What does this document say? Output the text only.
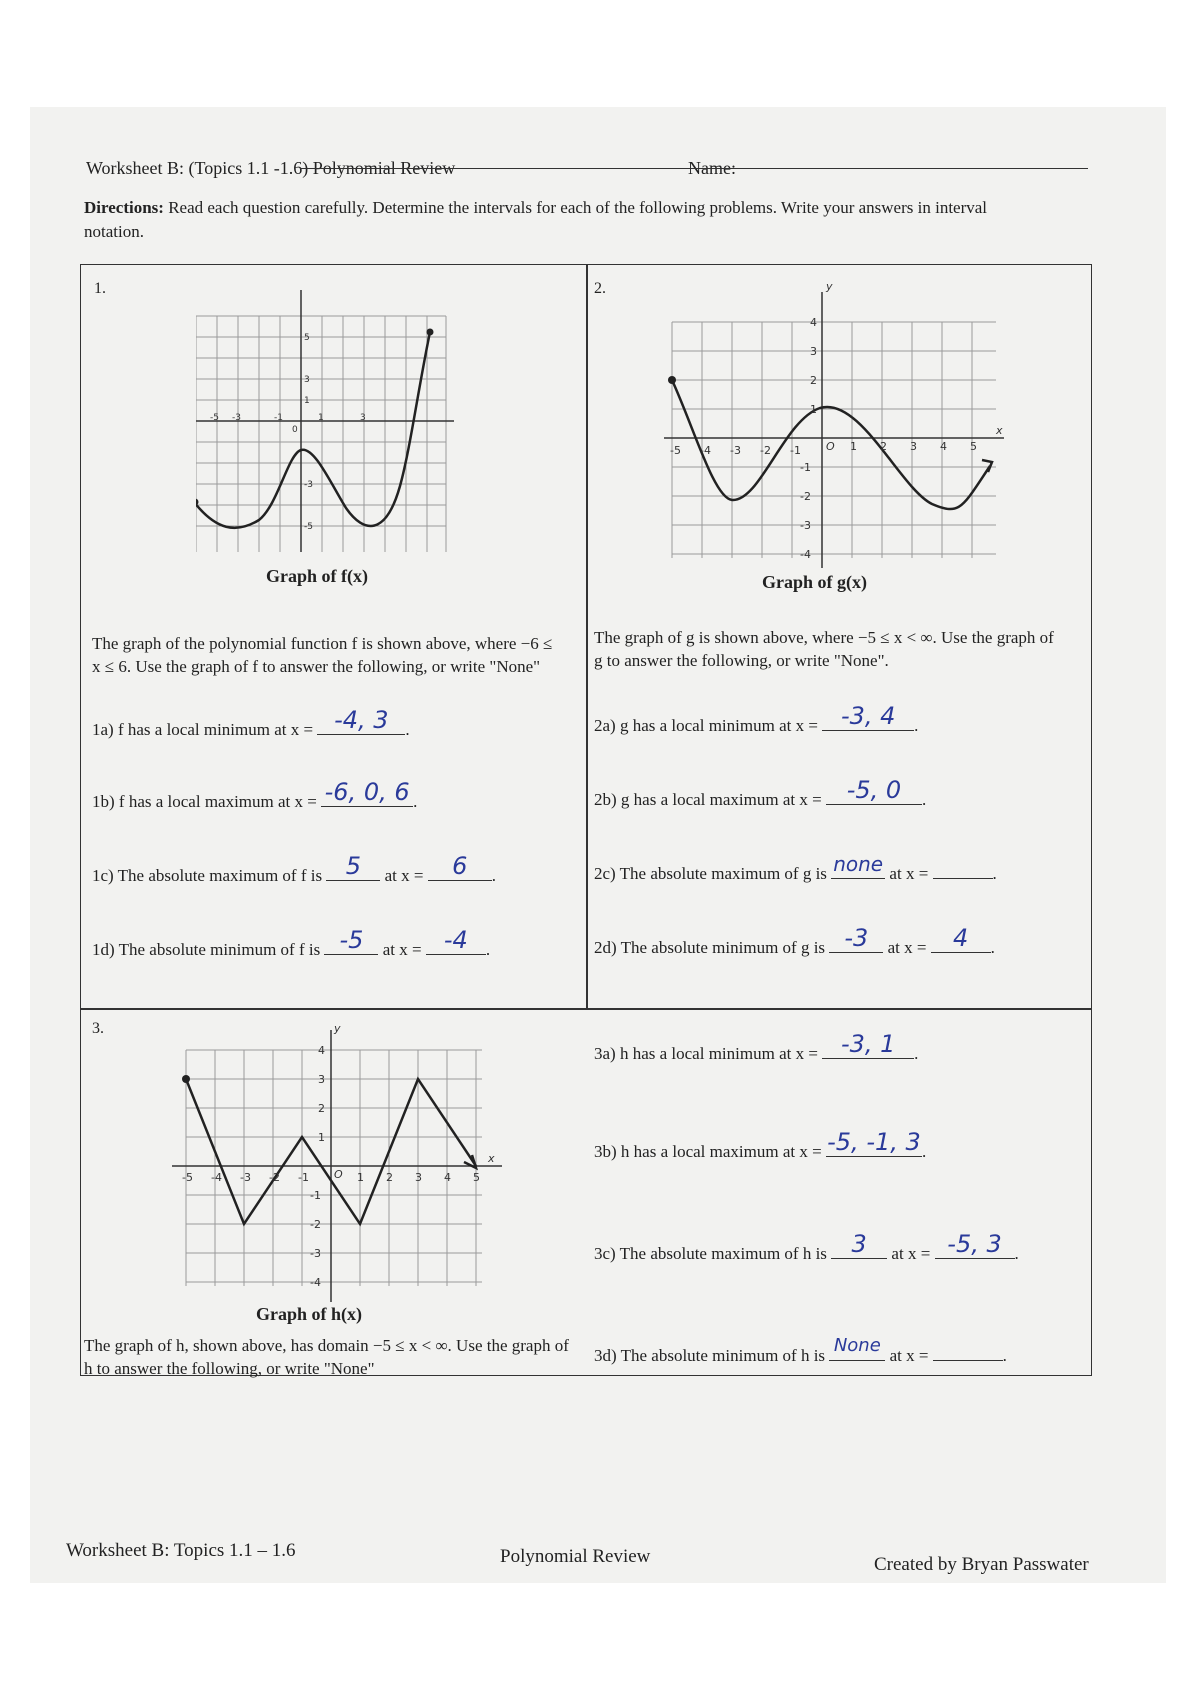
Worksheet B: (Topics 1.1 -1.6) Polynomial Review	Name:
Directions: Read each question carefully. Determine the intervals for each of the following problems. Write your answers in interval notation.
1.	2.
3.
-5 -3	-1
0
1	3
5
3
1
-3
-5
Graph of f(x)
-5 -4 -3 -2 -1 O 1 2 3 4 5
4
3
2
1
-1
-2
-3
-4
x
y
Graph of g(x)
-5 -4 -3 -2 -1 O 1 2 3 4 5
4
3
2
1
-1
-2
-3
-4
x
y
Graph of h(x)
The graph of the polynomial function f is shown above, where −6 ≤ x ≤ 6. Use the graph of f to answer the following, or write "None"
1a) f has a local minimum at x = -4, 3 .
1b) f has a local maximum at x = -6, 0, 6 .
1c) The absolute maximum of f is 5	at x =	6	.
1d) The absolute minimum of f is -5	at x = -4	.
The graph of g is shown above, where −5 ≤ x < ∞. Use the graph of g to answer the following, or write "None".
2a) g has a local minimum at x = -3, 4	.
2b) g has a local maximum at x =	-5, 0	.
2c) The absolute maximum of g is none at x =	.
2d) The absolute minimum of g is -3	at x =	4	.
The graph of h, shown above, has domain −5 ≤ x < ∞. Use the graph of h to answer the following, or write "None"
3a) h has a local minimum at x = -3, 1	.
3b) h has a local maximum at x = -5, -1, 3 .
3c) The absolute maximum of h is	3	at x = -5, 3 .
3d) The absolute minimum of h is None at x =	.
Worksheet B: Topics 1.1 – 1.6	Polynomial Review	Created by Bryan Passwater
